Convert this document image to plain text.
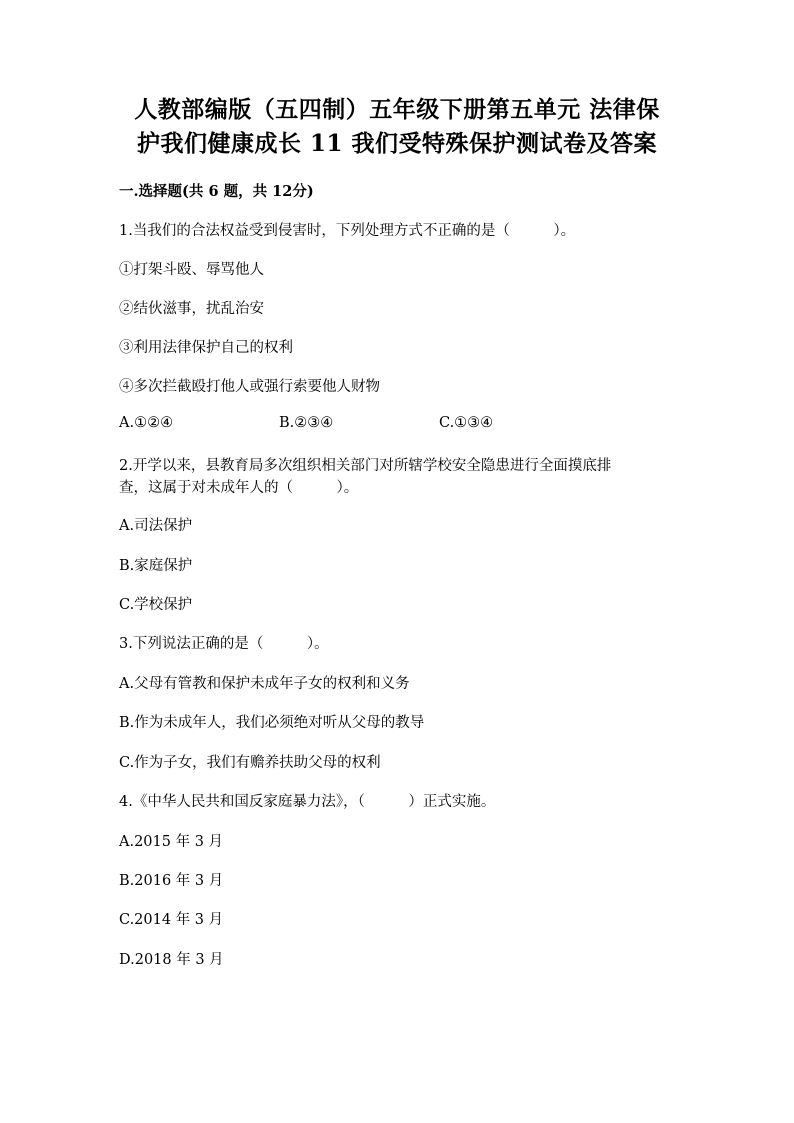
人教部编版（五四制）五年级下册第五单元 法律保
护我们健康成长 11 我们受特殊保护测试卷及答案
一.选择题(共 6 题，共 12分)
1.当我们的合法权益受到侵害时，下列处理方式不正确的是（　　　）。
①打架斗殴、辱骂他人
②结伙滋事，扰乱治安
③利用法律保护自己的权利
④多次拦截殴打他人或强行索要他人财物
A.①②④	B.②③④	C.①③④
2.开学以来，县教育局多次组织相关部门对所辖学校安全隐患进行全面摸底排
查，这属于对未成年人的（　　　）。
A.司法保护
B.家庭保护
C.学校保护
3.下列说法正确的是（　　　）。
A.父母有管教和保护未成年子女的权利和义务
B.作为未成年人，我们必须绝对听从父母的教导
C.作为子女，我们有赡养扶助父母的权利
4.《中华人民共和国反家庭暴力法》，（　　　）正式实施。
A.2015 年 3 月
B.2016 年 3 月
C.2014 年 3 月
D.2018 年 3 月
